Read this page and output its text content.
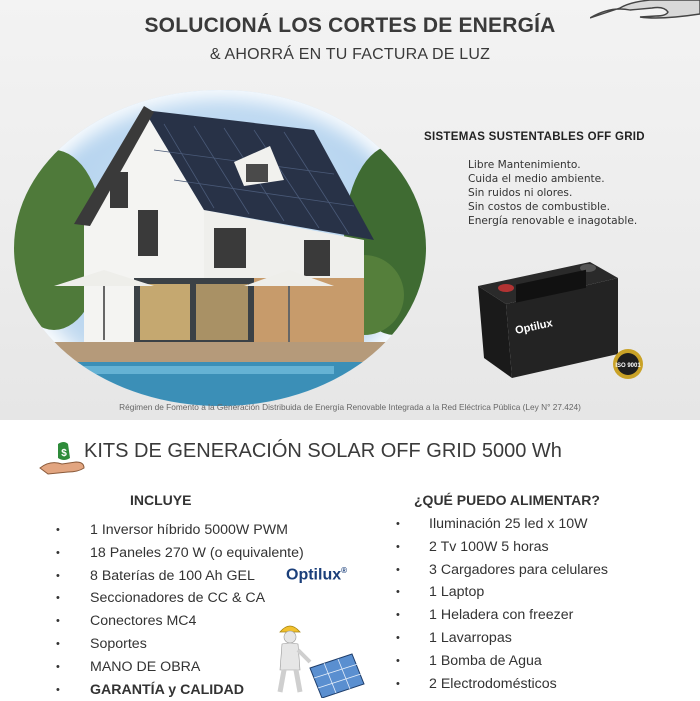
SOLUCIONÁ LOS CORTES DE ENERGÍA
& AHORRÁ EN TU FACTURA DE LUZ
SISTEMAS SUSTENTABLES OFF GRID
Libre Mantenimiento.
Cuida el medio ambiente.
Sin ruidos ni olores.
Sin costos de combustible.
Energía renovable e inagotable.
Optilux
ISO 9001
Régimen de Fomento a la Generación Distribuida de Energía Renovable Integrada a la Red Eléctrica Pública (Ley N° 27.424)
$ KITS DE GENERACIÓN SOLAR OFF GRID 5000 Wh
INCLUYE	¿QUÉ PUEDO ALIMENTAR?
• 1 Inversor híbrido 5000W PWM
• 18 Paneles 270 W (o equivalente)
• 8 Baterías de 100 Ah GEL
• Seccionadores de CC & CA
• Conectores MC4
• Soportes
• MANO DE OBRA
• GARANTÍA y CALIDAD
Optilux®
• Iluminación 25 led x 10W
• 2 Tv 100W 5 horas
• 3 Cargadores para celulares
• 1 Laptop
• 1 Heladera con freezer
• 1 Lavarropas
• 1 Bomba de Agua
• 2 Electrodomésticos
